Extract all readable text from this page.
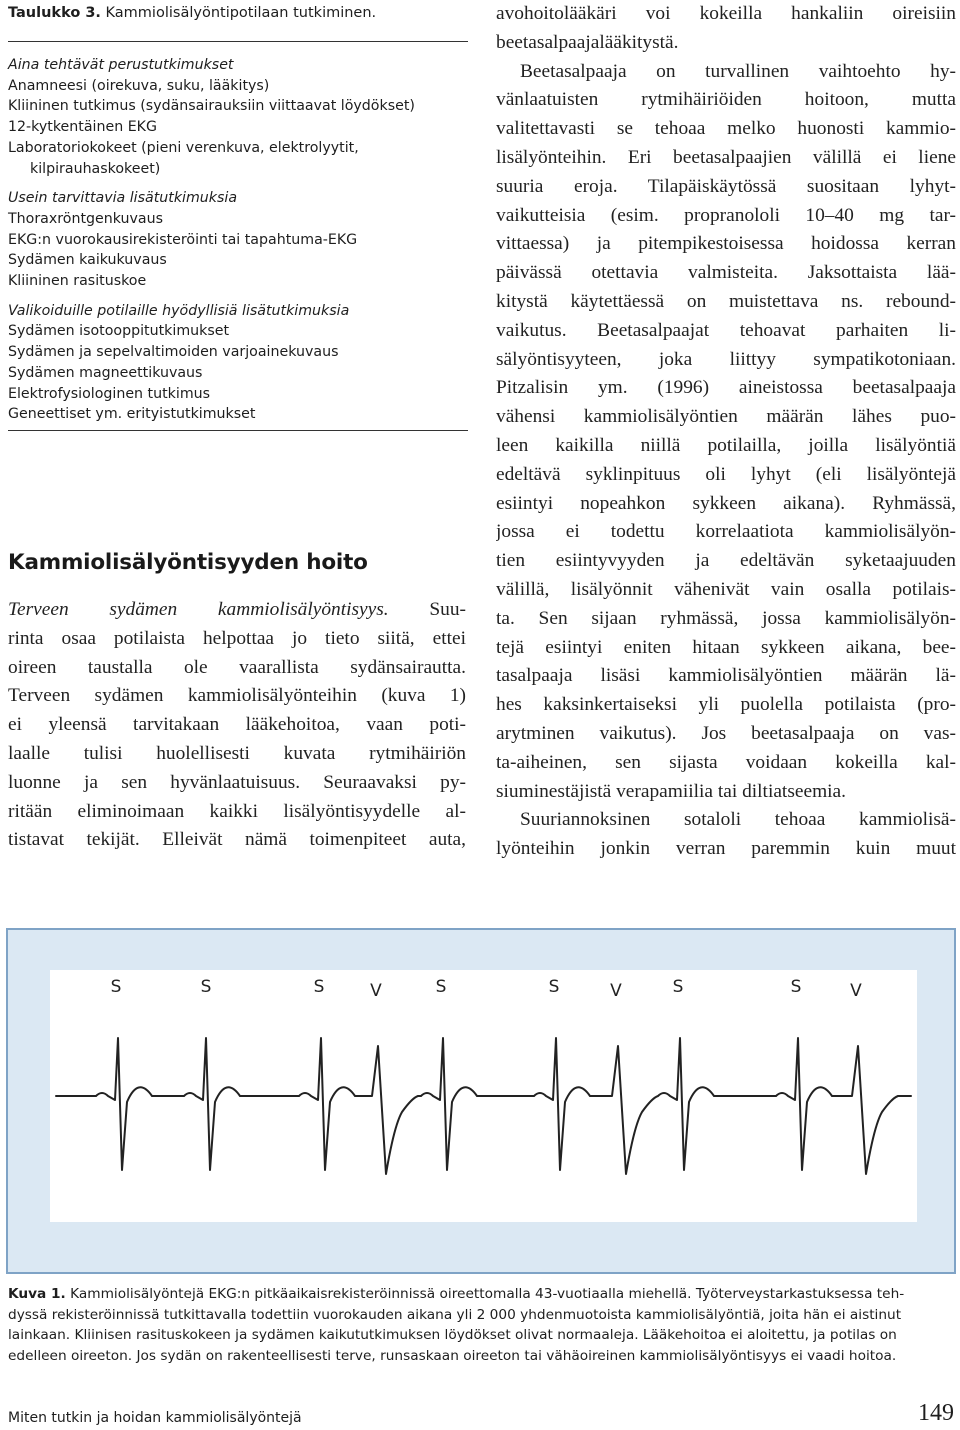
Taulukko 3. Kammiolisälyöntipotilaan tutkiminen.
Aina tehtävät perustutkimukset
Anamneesi (oirekuva, suku, lääkitys)
Kliininen tutkimus (sydänsairauksiin viittaavat löydökset)
12-kytkentäinen EKG
Laboratoriokokeet (pieni verenkuva, elektrolyytit,
kilpirauhaskokeet)
Usein tarvittavia lisätutkimuksia
Thoraxröntgenkuvaus
EKG:n vuorokausirekisteröinti tai tapahtuma-EKG
Sydämen kaikukuvaus
Kliininen rasituskoe
Valikoiduille potilaille hyödyllisiä lisätutkimuksia
Sydämen isotooppitutkimukset
Sydämen ja sepelvaltimoiden varjoainekuvaus
Sydämen magneettikuvaus
Elektrofysiologinen tutkimus
Geneettiset ym. erityistutkimukset
Kammiolisälyöntisyyden hoito
Terveen sydämen kammiolisälyöntisyys. Suu-
rinta osaa potilaista helpottaa jo tieto siitä, ettei
oireen taustalla ole vaarallista sydänsairautta.
Terveen sydämen kammiolisälyönteihin (kuva 1)
ei yleensä tarvitakaan lääkehoitoa, vaan poti-
laalle tulisi huolellisesti kuvata rytmihäiriön
luonne ja sen hyvänlaatuisuus. Seuraavaksi py-
ritään eliminoimaan kaikki lisälyöntisyydelle al-
tistavat tekijät. Elleivät nämä toimenpiteet auta,
avohoitolääkäri voi kokeilla hankaliin oireisiin
beetasalpaajalääkitystä.
Beetasalpaaja on turvallinen vaihtoehto hy-
vänlaatuisten rytmihäiriöiden hoitoon, mutta
valitettavasti se tehoaa melko huonosti kammio-
lisälyönteihin. Eri beetasalpaajien välillä ei liene
suuria eroja. Tilapäiskäytössä suositaan lyhyt-
vaikutteisia (esim. propranololi 10–40 mg tar-
vittaessa) ja pitempikestoisessa hoidossa kerran
päivässä otettavia valmisteita. Jaksottaista lää-
kitystä käytettäessä on muistettava ns. rebound-
vaikutus. Beetasalpaajat tehoavat parhaiten li-
sälyöntisyyteen, joka liittyy sympatikotoniaan.
Pitzalisin ym. (1996) aineistossa beetasalpaaja
vähensi kammiolisälyöntien määrän lähes puo-
leen kaikilla niillä potilailla, joilla lisälyöntiä
edeltävä syklinpituus oli lyhyt (eli lisälyöntejä
esiintyi nopeahkon sykkeen aikana). Ryhmässä,
jossa ei todettu korrelaatiota kammiolisälyön-
tien esiintyvyyden ja edeltävän syketaajuuden
välillä, lisälyönnit vähenivät vain osalla potilais-
ta. Sen sijaan ryhmässä, jossa kammiolisälyön-
tejä esiintyi eniten hitaan sykkeen aikana, bee-
tasalpaaja lisäsi kammiolisälyöntien määrän lä-
hes kaksinkertaiseksi yli puolella potilaista (pro-
arytminen vaikutus). Jos beetasalpaaja on vas-
ta-aiheinen, sen sijasta voidaan kokeilla kal-
siuminestäjistä verapamiilia tai diltiatseemia.
Suuriannoksinen sotaloli tehoaa kammiolisä-
lyönteihin jonkin verran paremmin kuin muut
S	S	S	V	S	S	V	S	S	V
Kuva 1. Kammiolisälyöntejä EKG:n pitkäaikaisrekisteröinnissä oireettomalla 43-vuotiaalla miehellä. Työterveystarkastuksessa teh-
dyssä rekisteröinnissä tutkittavalla todettiin vuorokauden aikana yli 2 000 yhdenmuotoista kammiolisälyöntiä, joita hän ei aistinut
lainkaan. Kliinisen rasituskokeen ja sydämen kaikututkimuksen löydökset olivat normaaleja. Lääkehoitoa ei aloitettu, ja potilas on
edelleen oireeton. Jos sydän on rakenteellisesti terve, runsaskaan oireeton tai vähäoireinen kammiolisälyöntisyys ei vaadi hoitoa.
Miten tutkin ja hoidan kammiolisälyöntejä	149
